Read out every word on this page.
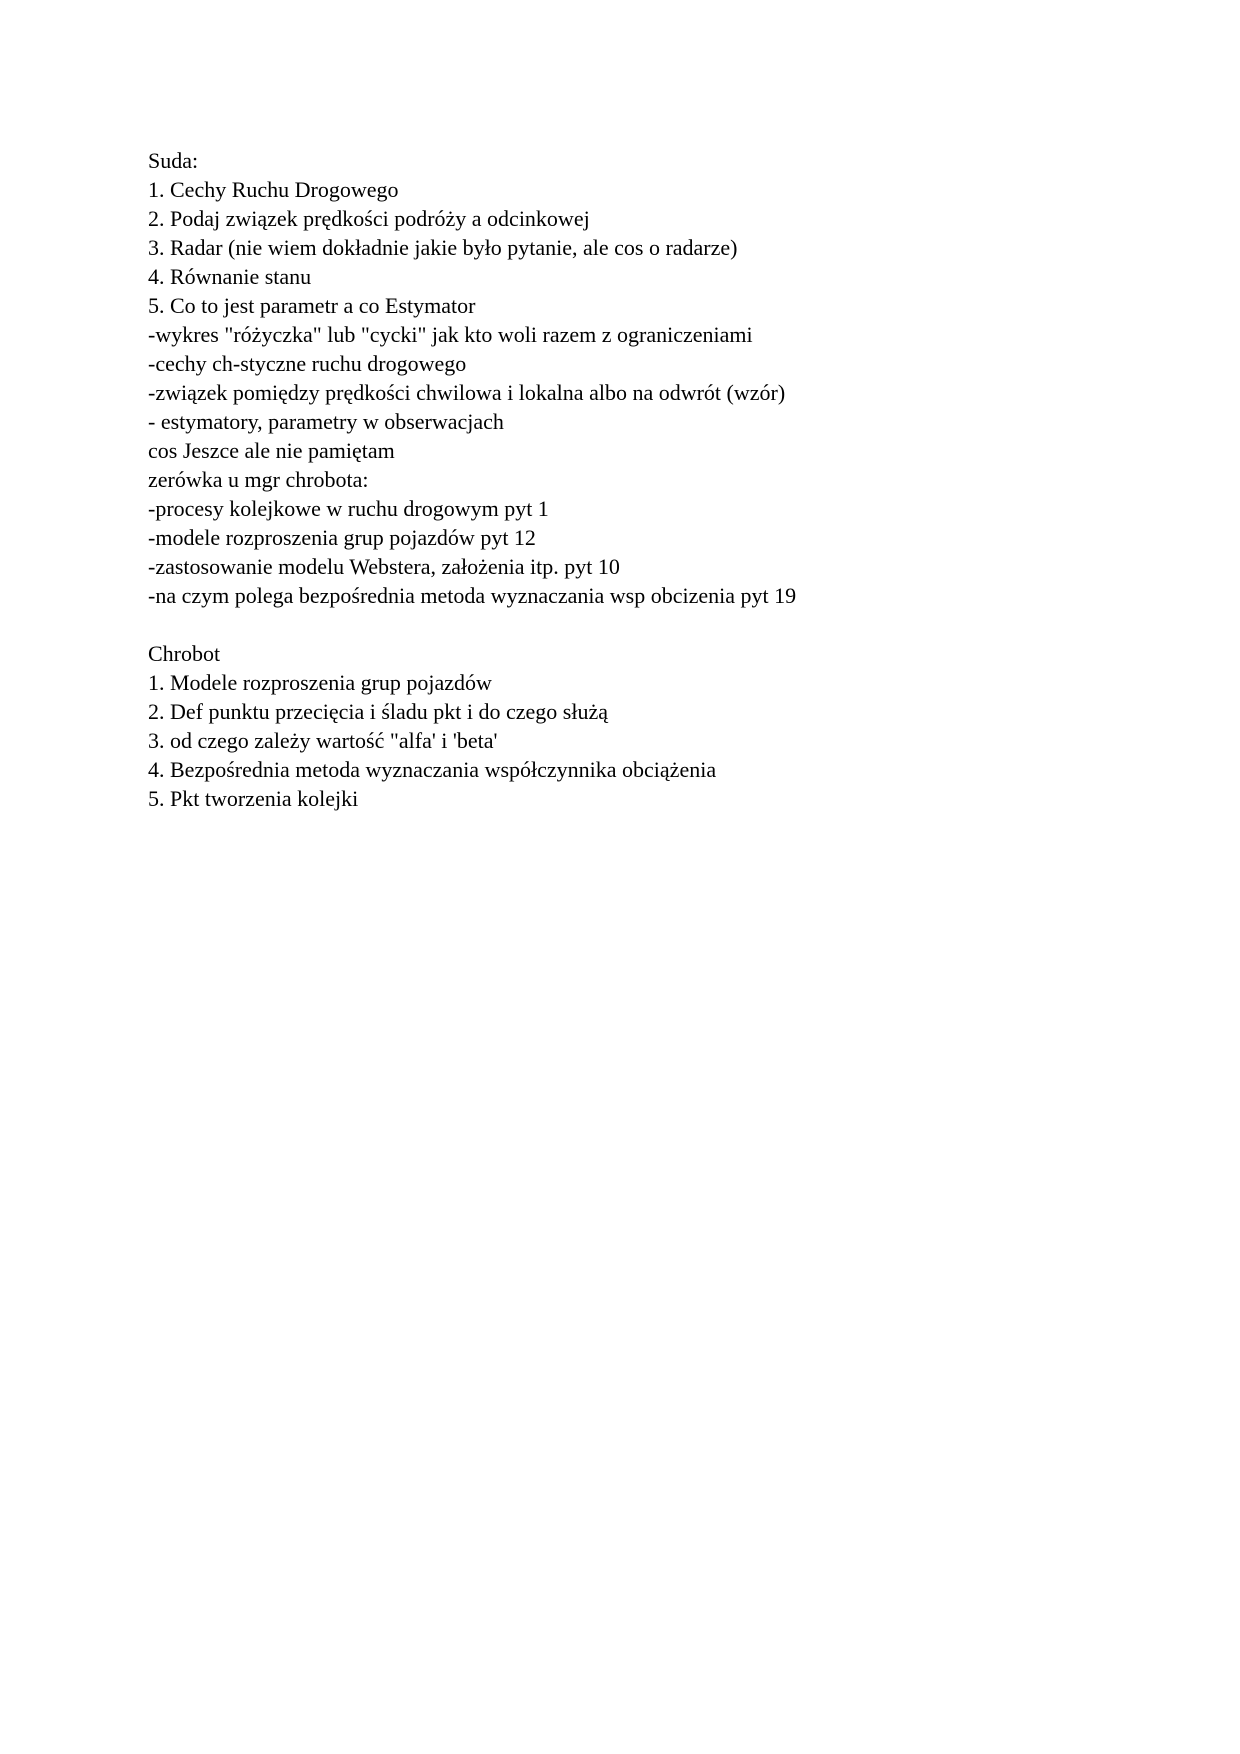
Suda:
1. Cechy Ruchu Drogowego
2. Podaj związek prędkości podróży a odcinkowej
3. Radar (nie wiem dokładnie jakie było pytanie, ale cos o radarze)
4. Równanie stanu
5. Co to jest parametr a co Estymator
-wykres "różyczka" lub "cycki" jak kto woli razem z ograniczeniami
-cechy ch-styczne ruchu drogowego
-związek pomiędzy prędkości chwilowa i lokalna albo na odwrót (wzór)
- estymatory, parametry w obserwacjach
cos Jeszce ale nie pamiętam
zerówka u mgr chrobota:
-procesy kolejkowe w ruchu drogowym pyt 1
-modele rozproszenia grup pojazdów pyt 12
-zastosowanie modelu Webstera, założenia itp. pyt 10
-na czym polega bezpośrednia metoda wyznaczania wsp obcizenia pyt 19
Chrobot
1. Modele rozproszenia grup pojazdów
2. Def punktu przecięcia i śladu pkt i do czego służą
3. od czego zależy wartość "alfa' i 'beta'
4. Bezpośrednia metoda wyznaczania współczynnika obciążenia
5. Pkt tworzenia kolejki
